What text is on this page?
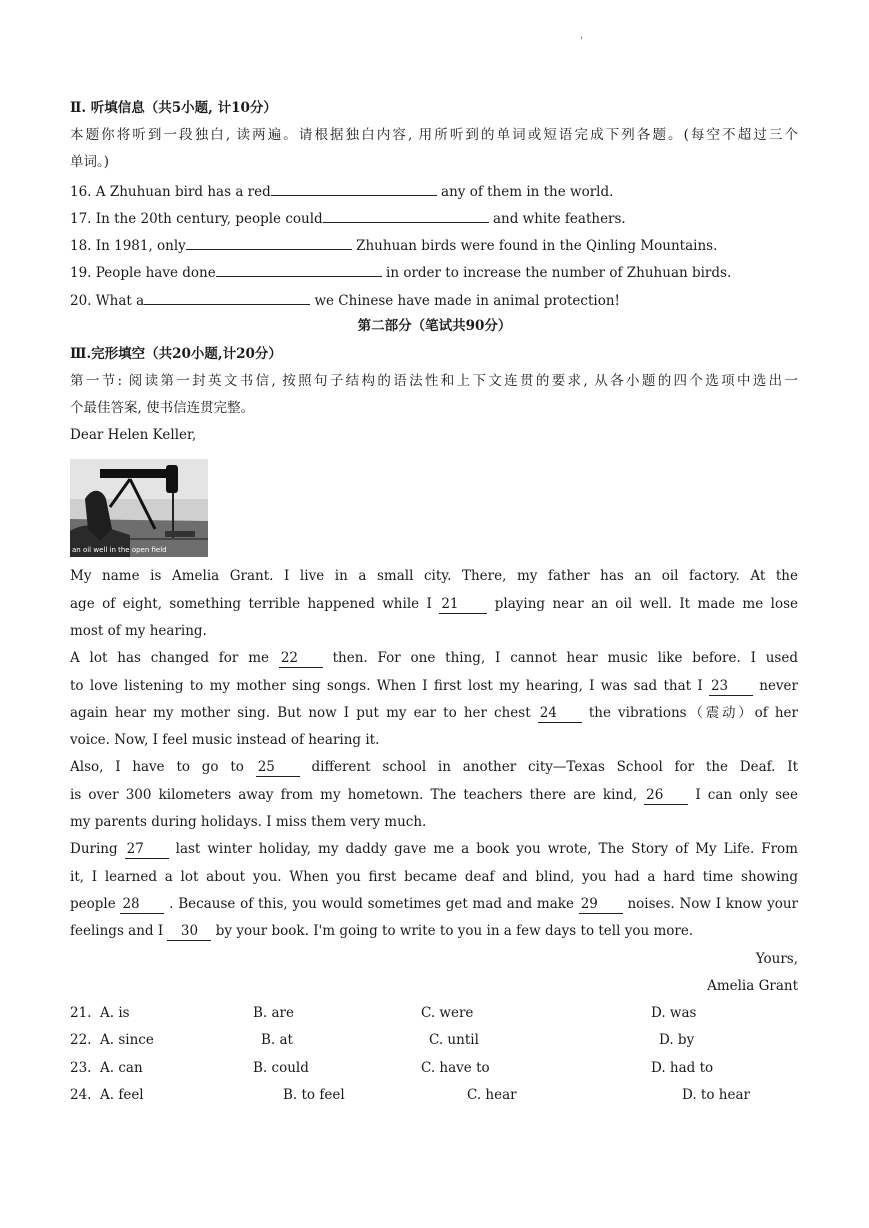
'
Ⅱ. 听填信息（共5小题, 计10分）
本题你将听到一段独白, 读两遍。请根据独白内容, 用所听到的单词或短语完成下列各题。(每空不超过三个
单词。)
16. A Zhuhuan bird has a red	any of them in the world.
17. In the 20th century, people could	and white feathers.
18. In 1981, only	Zhuhuan birds were found in the Qinling Mountains.
19. People have done	in order to increase the number of Zhuhuan birds.
20. What a	we Chinese have made in animal protection!
第二部分（笔试共90分）
Ⅲ.完形填空（共20小题,计20分）
第一节: 阅读第一封英文书信, 按照句子结构的语法性和上下文连贯的要求, 从各小题的四个选项中选出一
个最佳答案, 使书信连贯完整。
Dear Helen Keller,
an oil well in the open field
My name is Amelia Grant. I live in a small city. There, my father has an oil factory. At the
age of eight, something terrible happened while I 21	playing near an oil well. It made me lose
most of my hearing.
A lot has changed for me 22	then. For one thing, I cannot hear music like before. I used
to love listening to my mother sing songs. When I first lost my hearing, I was sad that I 23 never
again hear my mother sing. But now I put my ear to her chest 24 the vibrations（震动）of her
voice. Now, I feel music instead of hearing it.
Also, I have to go to 25	different school in another city—Texas School for the Deaf. It
is over 300 kilometers away from my hometown. The teachers there are kind, 26 I can only see
my parents during holidays. I miss them very much.
During 27 last winter holiday, my daddy gave me a book you wrote, The Story of My Life. From
it, I learned a lot about you. When you first became deaf and blind, you had a hard time showing
people 28 . Because of this, you would sometimes get mad and make 29 noises. Now I know your
feelings and I 30 by your book. I'm going to write to you in a few days to tell you more.
Yours,
Amelia Grant
21. A. is	B. are	C. were	D. was
22. A. since	B. at	C. until	D. by
23. A. can	B. could	C. have to	D. had to
24. A. feel	B. to feel	C. hear	D. to hear
